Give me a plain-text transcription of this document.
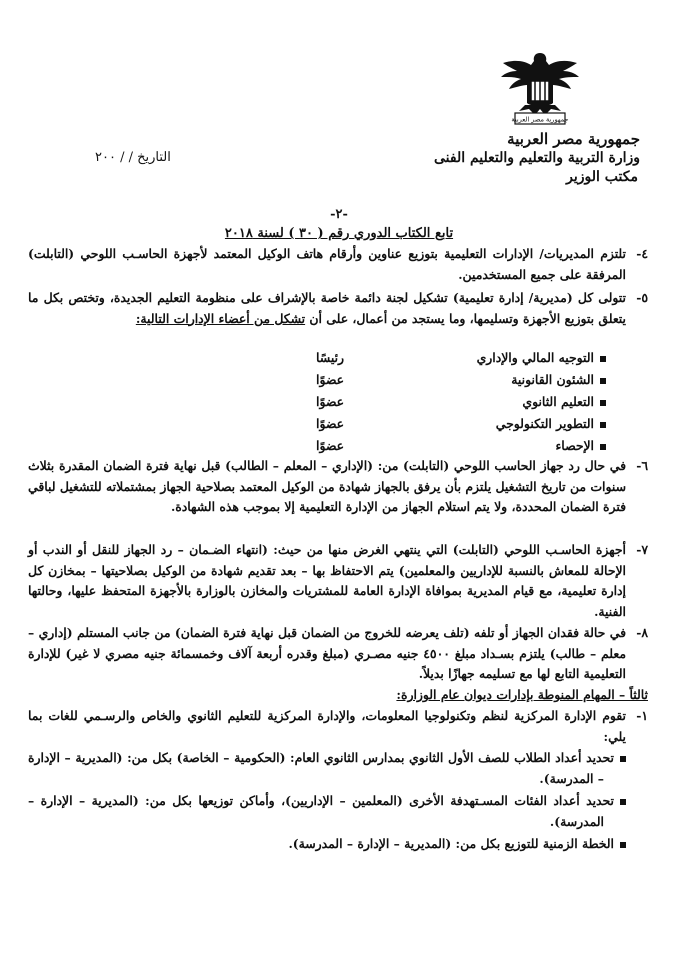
جمهورية مصر العربية
جمهورية مصر العربية
وزارة التربية والتعليم والتعليم الفنى
مكتب الوزير
التاريخ / / ٢٠٠
-٢-
تابع الكتاب الدوري رقم ( ٣٠ ) لسنة ٢٠١٨
٤-تلتزم المديريات/ الإدارات التعليمية بتوزيع عناوين وأرقام هاتف الوكيل المعتمد لأجهزة الحاسـب اللوحي (التابلت) المرفقة على جميع المستخدمين.
٥-تتولى كل (مديرية/ إدارة تعليمية) تشكيل لجنة دائمة خاصة بالإشراف على منظومة التعليم الجديدة، وتختص بكل ما يتعلق بتوزيع الأجهزة وتسليمها، وما يستجد من أعمال، على أن تشكل من أعضاء الإدارات التالية:
التوجيه المالي والإداري
رئيسًا
الشئون القانونية
عضوًا
التعليم الثانوي
عضوًا
التطوير التكنولوجي
عضوًا
الإحصاء
عضوًا
٦-في حال رد جهاز الحاسب اللوحي (التابلت) من: (الإداري – المعلم – الطالب) قبل نهاية فترة الضمان المقدرة بثلاث سنوات من تاريخ التشغيل يلتزم بأن يرفق بالجهاز شهادة من الوكيل المعتمد بصلاحية الجهاز بمشتملاته للتشغيل لباقي فترة الضمان المحددة، ولا يتم استلام الجهاز من الإدارة التعليمية إلا بموجب هذه الشهادة.
٧-أجهزة الحاسـب اللوحي (التابلت) التي ينتهي الغرض منها من حيث: (انتهاء الضـمان – رد الجهاز للنقل أو الندب أو الإحالة للمعاش بالنسبة للإداريين والمعلمين) يتم الاحتفاظ بها – بعد تقديم شهادة من الوكيل بصلاحيتها – بمخازن كل إدارة تعليمية، مع قيام المديرية بموافاة الإدارة العامة للمشتريات والمخازن بالوزارة بالأجهزة المتحفظ عليها، وحالتها الفنية.
٨-في حالة فقدان الجهاز أو تلفه (تلف يعرضه للخروج من الضمان قبل نهاية فترة الضمان) من جانب المستلم (إداري – معلم – طالب) يلتزم بسـداد مبلغ ٤٥٠٠ جنيه مصـري (مبلغ وقدره أربعة آلاف وخمسمائة جنيه مصري لا غير) للإدارة التعليمية التابع لها مع تسليمه جهازًا بديلاً.
ثالثاً – المهام المنوطة بإدارات ديوان عام الوزارة:
١-تقوم الإدارة المركزية لنظم وتكنولوجيا المعلومات، والإدارة المركزية للتعليم الثانوي والخاص والرسـمي للغات بما يلي:
تحديد أعداد الطلاب للصف الأول الثانوي بمدارس الثانوي العام: (الحكومية – الخاصة) بكل من: (المديرية – الإدارة – المدرسة).
تحديد أعداد الفئات المسـتهدفة الأخرى (المعلمين – الإداريين)، وأماكن توزيعها بكل من: (المديرية – الإدارة – المدرسة).
الخطة الزمنية للتوزيع بكل من: (المديرية – الإدارة – المدرسة).
